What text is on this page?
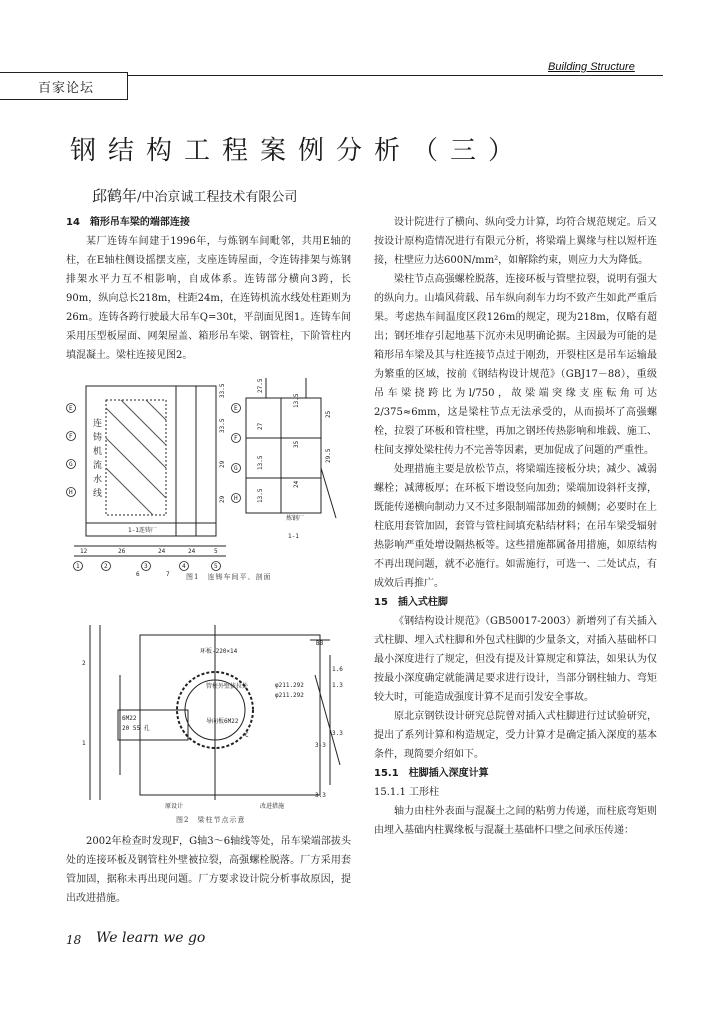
Building Structure
百家论坛
钢结构工程案例分析（三）
邱鹤年/中冶京诚工程技术有限公司
14　箱形吊车梁的端部连接

某厂连铸车间建于1996年，与炼钢车间毗邻，共用E轴的柱，在E轴柱侧设摇摆支座，支座连铸屋面，令连铸排架与炼钢排架水平力互不相影响，自成体系。连铸部分横向3跨，长90m，纵向总长218m，柱距24m，在连铸机流水线处柱距则为26m。连铸各跨行驶最大吊车Q=30t，平剖面见图1。连铸车间采用压型板屋面、网架屋盖、箱形吊车梁、钢管柱，下阶管柱内填混凝土。梁柱连接见图2。

E
F
G
H
E
F
G
H
1	2	3	4	5
6	7
12	26	24	24	5
1-1连铸厂
1-1
炼钢厂
连
铸
机
流
水
线
33.5
33.5
29
29
27.5
27
13.5
13.5
13.5
35
24
25
29.5
图1　连铸车间平、剖面
环板-220×14
管柱外壁拔拉处
BB
6M22
20 55 孔
导向板6M22
φ211.292
φ211.292
1.6
3.3
2
1	3-3
1.3
原设计	改进措施
C	3.3
图2　梁柱节点示意

2002年检查时发现F，G轴3～6轴线等处，吊车梁端部拔头处的连接环板及钢管柱外壁被拉裂，高强螺栓脱落。厂方采用套管加固，据称未再出现问题。厂方要求设计院分析事故原因，提出改进措施。

设计院进行了横向、纵向受力计算，均符合规范规定。后又按设计原构造情况进行有限元分析，将梁端上翼缘与柱以短杆连接，柱壁应力达600N/mm²，如解除约束，则应力大为降低。

梁柱节点高强螺栓脱落，连接环板与管壁拉裂，说明有强大的纵向力。山墙风荷载、吊车纵向刹车力均不致产生如此严重后果。考虑热车间温度区段126m的规定，现为218m，仅略有超出；钢坯堆存引起地基下沉亦未见明确论据。主因最为可能的是箱形吊车梁及其与柱连接节点过于刚劲，开裂柱区是吊车运输最为繁重的区域，按前《钢结构设计规范》（GBJ17－88），重级吊车梁挠跨比为l/750，故梁端突缘支座転角可达2/375≈6mm，这是梁柱节点无法承受的，从而损坏了高强螺栓，拉裂了环板和管柱壁，再加之钢坯传热影响和堆载、施工、柱间支撑处梁柱传力不完善等因素，更加促成了问题的严重性。

处理措施主要是放松节点，将梁端连接板分块；减少、减弱螺栓；减薄板厚；在环板下增设竖向加劲；梁端加设斜杆支撑，既能传递横向制动力又不过多限制端部加劲的倾侧；必要时在上柱底用套管加固，套管与管柱间填充粘结材料；在吊车梁受辐射热影响严重处增设隔热板等。这些措施都属备用措施，如原结构不再出现问题，就不必施行。如需施行，可选一、二处试点，有成效后再推广。

15　插入式柱脚

《钢结构设计规范》（GB50017-2003）新增列了有关插入式柱脚、埋入式柱脚和外包式柱脚的少量条文，对插入基础杯口最小深度进行了规定，但没有提及计算规定和算法，如果认为仅按最小深度确定就能满足要求进行设计，当部分钢柱轴力、弯矩较大时，可能造成强度计算不足而引发安全事故。

原北京钢铁设计研究总院曾对插入式柱脚进行过试验研究，提出了系列计算和构造规定，受力计算才是确定插入深度的基本条件，现简要介绍如下。

15.1　柱脚插入深度计算
15.1.1 工形柱

轴力由柱外表面与混凝土之间的粘剪力传递，而柱底弯矩则由埋入基础内柱翼缘板与混凝土基础杯口壁之间承压传递：

18 We learn we go
